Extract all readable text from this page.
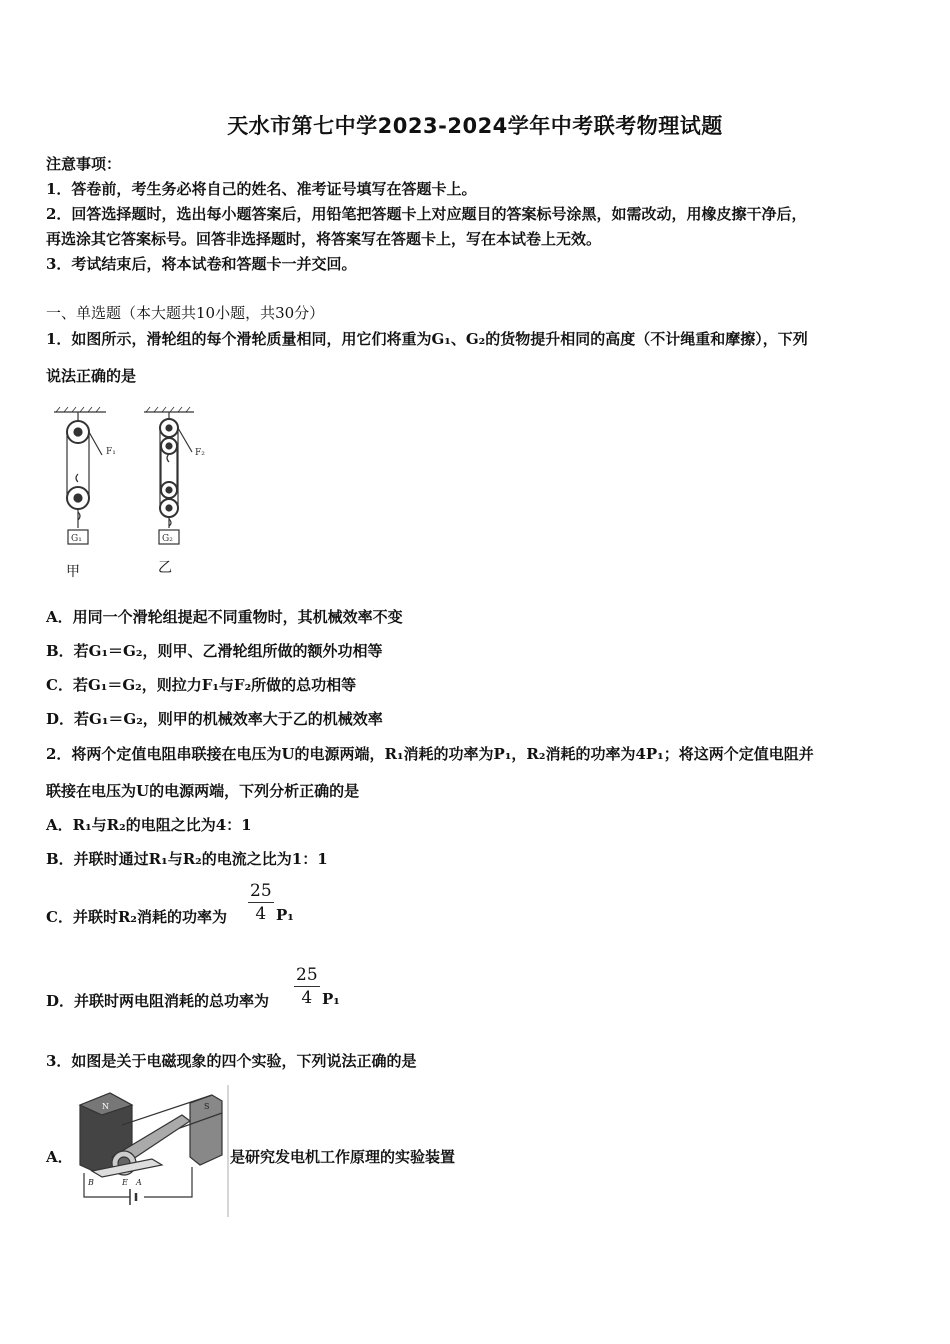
天水市第七中学2023-2024学年中考联考物理试题
注意事项：
1．答卷前，考生务必将自己的姓名、准考证号填写在答题卡上。
2．回答选择题时，选出每小题答案后，用铅笔把答题卡上对应题目的答案标号涂黑，如需改动，用橡皮擦干净后，
再选涂其它答案标号。回答非选择题时，将答案写在答题卡上，写在本试卷上无效。
3．考试结束后，将本试卷和答题卡一并交回。
一、单选题（本大题共10小题，共30分）
1．如图所示，滑轮组的每个滑轮质量相同，用它们将重为G₁、G₂的货物提升相同的高度（不计绳重和摩擦），下列
说法正确的是
F₁	F₂
G₁	G₂
甲	乙
A．用同一个滑轮组提起不同重物时，其机械效率不变
B．若G₁＝G₂，则甲、乙滑轮组所做的额外功相等
C．若G₁＝G₂，则拉力F₁与F₂所做的总功相等
D．若G₁＝G₂，则甲的机械效率大于乙的机械效率
2．将两个定值电阻串联接在电压为U的电源两端，R₁消耗的功率为P₁，R₂消耗的功率为4P₁；将这两个定值电阻并
联接在电压为U的电源两端，下列分析正确的是
A．R₁与R₂的电阻之比为4：1
B．并联时通过R₁与R₂的电流之比为1：1
C．并联时R₂消耗的功率为 $\frac{25}{4} P_1$
D．并联时两电阻消耗的总功率为 $\frac{25}{4} P_1$
3．如图是关于电磁现象的四个实验，下列说法正确的是
A．
N	S
B	E A
是研究发电机工作原理的实验装置
